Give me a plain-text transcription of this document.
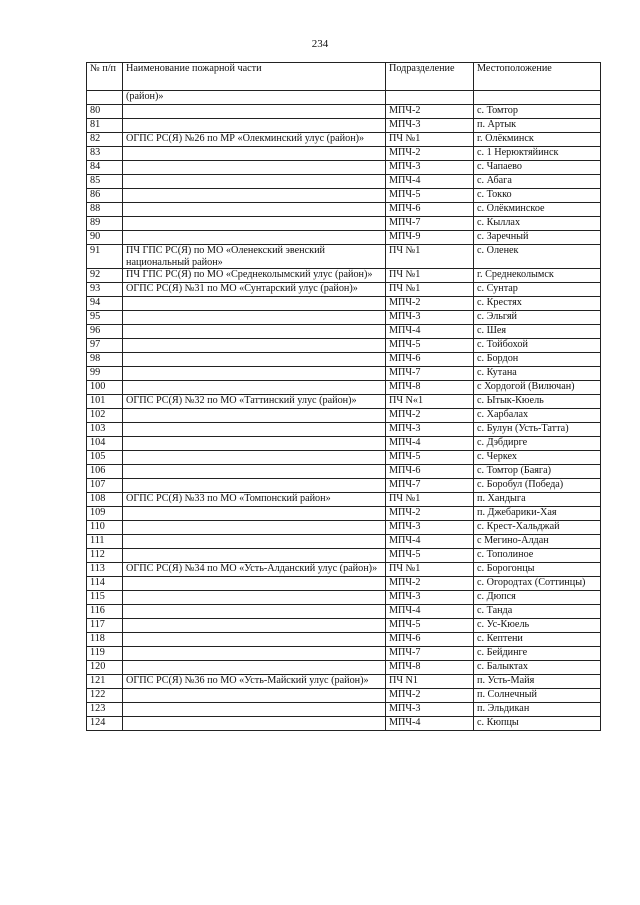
234
№ п/п	Наименование пожарной части	Подразделение	Местоположение
	(район)»		
80		МПЧ-2	с. Томтор
81		МПЧ-3	п. Артык
82	ОГПС РС(Я) №26 по МР «Олекминский улус (район)»	ПЧ №1	г. Олёкминск
83		МПЧ-2	с. 1 Нерюктяйинск
84		МПЧ-3	с. Чапаево
85		МПЧ-4	с. Абага
86		МПЧ-5	с. Токко
88		МПЧ-6	с. Олёкминское
89		МПЧ-7	с. Кыллах
90		МПЧ-9	с. Заречный
91	ПЧ ГПС РС(Я) по МО «Оленекский эвенский национальный район»	ПЧ №1	с. Оленек
92	ПЧ ГПС РС(Я) по МО «Среднеколымский улус (район)»	ПЧ №1	г. Среднеколымск
93	ОГПС РС(Я) №31 по МО «Сунтарский улус (район)»	ПЧ №1	с. Сунтар
94		МПЧ-2	с. Крестях
95		МПЧ-3	с. Эльгяй
96		МПЧ-4	с. Шея
97		МПЧ-5	с. Тойбохой
98		МПЧ-6	с. Бордон
99		МПЧ-7	с. Кутана
100		МПЧ-8	с Хордогой (Вилючан)
101	ОГПС РС(Я) №32 по МО «Таттинский улус (район)»	ПЧ N«1	с. Ытык-Кюель
102		МПЧ-2	с. Харбалах
103		МПЧ-3	с. Булун (Усть-Татта)
104		МПЧ-4	с. Дэбдирге
105		МПЧ-5	с. Черкех
106		МПЧ-6	с. Томтор (Баяга)
107		МПЧ-7	с. Боробул (Победа)
108	ОГПС РС(Я) №33 по МО «Томпонский район»	ПЧ №1	п. Хандыга
109		МПЧ-2	п. Джебарики-Хая
110		МПЧ-3	с. Крест-Хальджай
111		МПЧ-4	с Мегино-Алдан
112		МПЧ-5	с. Тополиное
113	ОГПС РС(Я) №34 по МО «Усть-Алданский улус (район)»	ПЧ №1	с. Борогонцы
114		МПЧ-2	с. Огородтах (Соттинцы)
115		МПЧ-3	с. Дюпся
116		МПЧ-4	с. Танда
117		МПЧ-5	с. Ус-Кюель
118		МПЧ-6	с. Кептени
119		МПЧ-7	с. Бейдинге
120		МПЧ-8	с. Балыктах
121	ОГПС РС(Я) №36 по МО «Усть-Майский улус (район)»	ПЧ N1	п. Усть-Майя
122		МПЧ-2	п. Солнечный
123		МПЧ-3	п. Эльдикан
124		МПЧ-4	с. Кюпцы
